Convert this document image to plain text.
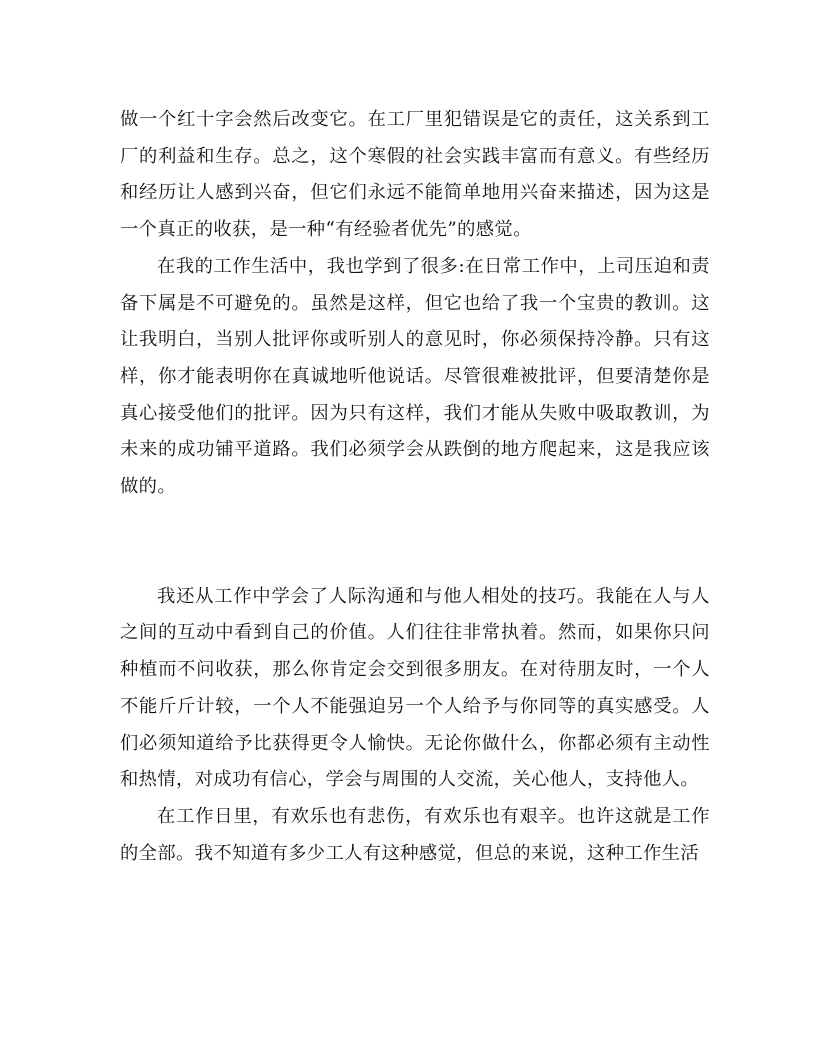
做一个红十字会然后改变它。在工厂里犯错误是它的责任，这关系到工厂的利益和生存。总之，这个寒假的社会实践丰富而有意义。有些经历和经历让人感到兴奋，但它们永远不能简单地用兴奋来描述，因为这是一个真正的收获，是一种“有经验者优先”的感觉。

在我的工作生活中，我也学到了很多:在日常工作中，上司压迫和责备下属是不可避免的。虽然是这样，但它也给了我一个宝贵的教训。这让我明白，当别人批评你或听别人的意见时，你必须保持冷静。只有这样，你才能表明你在真诚地听他说话。尽管很难被批评，但要清楚你是真心接受他们的批评。因为只有这样，我们才能从失败中吸取教训，为未来的成功铺平道路。我们必须学会从跌倒的地方爬起来，这是我应该做的。

我还从工作中学会了人际沟通和与他人相处的技巧。我能在人与人之间的互动中看到自己的价值。人们往往非常执着。然而，如果你只问种植而不问收获，那么你肯定会交到很多朋友。在对待朋友时，一个人不能斤斤计较，一个人不能强迫另一个人给予与你同等的真实感受。人们必须知道给予比获得更令人愉快。无论你做什么，你都必须有主动性和热情，对成功有信心，学会与周围的人交流，关心他人，支持他人。

在工作日里，有欢乐也有悲伤，有欢乐也有艰辛。也许这就是工作的全部。我不知道有多少工人有这种感觉，但总的来说，这种工作生活
